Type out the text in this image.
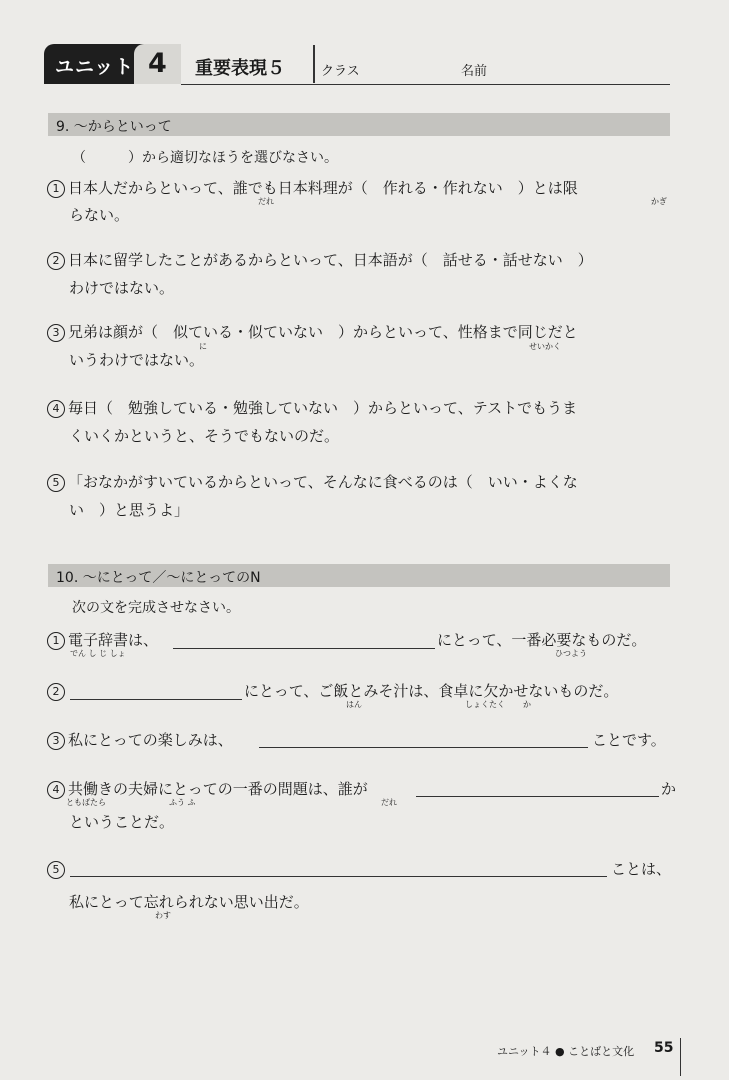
ユニット 4 重要表現５	クラス	名前
9. ～からといって
（　　　）から適切なほうを選びなさい。
1 日本人だからといって、誰でも日本料理が（　作れる・作れない　）とは限
だれ	かぎ
らない。
2 日本に留学したことがあるからといって、日本語が（　話せる・話せない　）
わけではない。
3 兄弟は顔が（　似ている・似ていない　）からといって、性格まで同じだと
に	せいかく
いうわけではない。
4 毎日（　勉強している・勉強していない　）からといって、テストでもうま
くいくかというと、そうでもないのだ。
5 「おなかがすいているからといって、そんなに食べるのは（　いい・よくな
い　）と思うよ」
10. ～にとって／～にとってのN
次の文を完成させなさい。
1 電子辞書は、	にとって、一番必要なものだ。
でん し じ しょ	ひつよう
2	にとって、ご飯とみそ汁は、食卓に欠かせないものだ。
はん	しょくたく か
3 私にとっての楽しみは、	ことです。
4 共働きの夫婦にとっての一番の問題は、誰が	か
ともばたら	ふう ふ	だれ
ということだ。
5	ことは、
私にとって忘れられない思い出だ。
わす
ユニット４ ● ことばと文化 55
